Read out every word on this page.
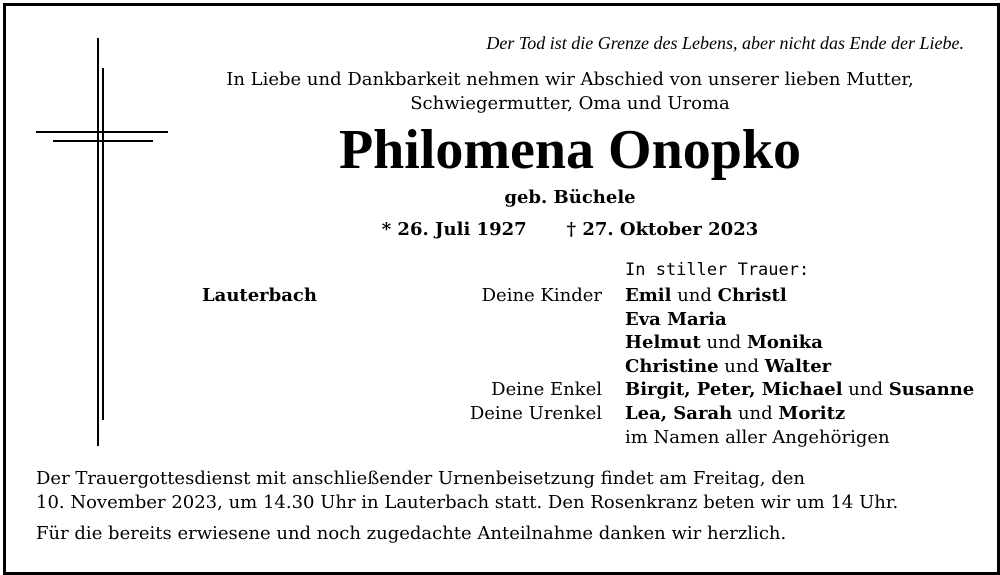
Der Tod ist die Grenze des Lebens, aber nicht das Ende der Liebe.
In Liebe und Dankbarkeit nehmen wir Abschied von unserer lieben Mutter,
Schwiegermutter, Oma und Uroma
Philomena Onopko
geb. Büchele
* 26. Juli 1927 † 27. Oktober 2023
In stiller Trauer:
Lauterbach	Deine Kinder Emil und Christl
Eva Maria
Helmut und Monika
Christine und Walter
Deine Enkel Birgit, Peter, Michael und Susanne
Deine Urenkel Lea, Sarah und Moritz
im Namen aller Angehörigen
Der Trauergottesdienst mit anschließender Urnenbeisetzung findet am Freitag, den
10. November 2023, um 14.30 Uhr in Lauterbach statt. Den Rosenkranz beten wir um 14 Uhr.
Für die bereits erwiesene und noch zugedachte Anteilnahme danken wir herzlich.
